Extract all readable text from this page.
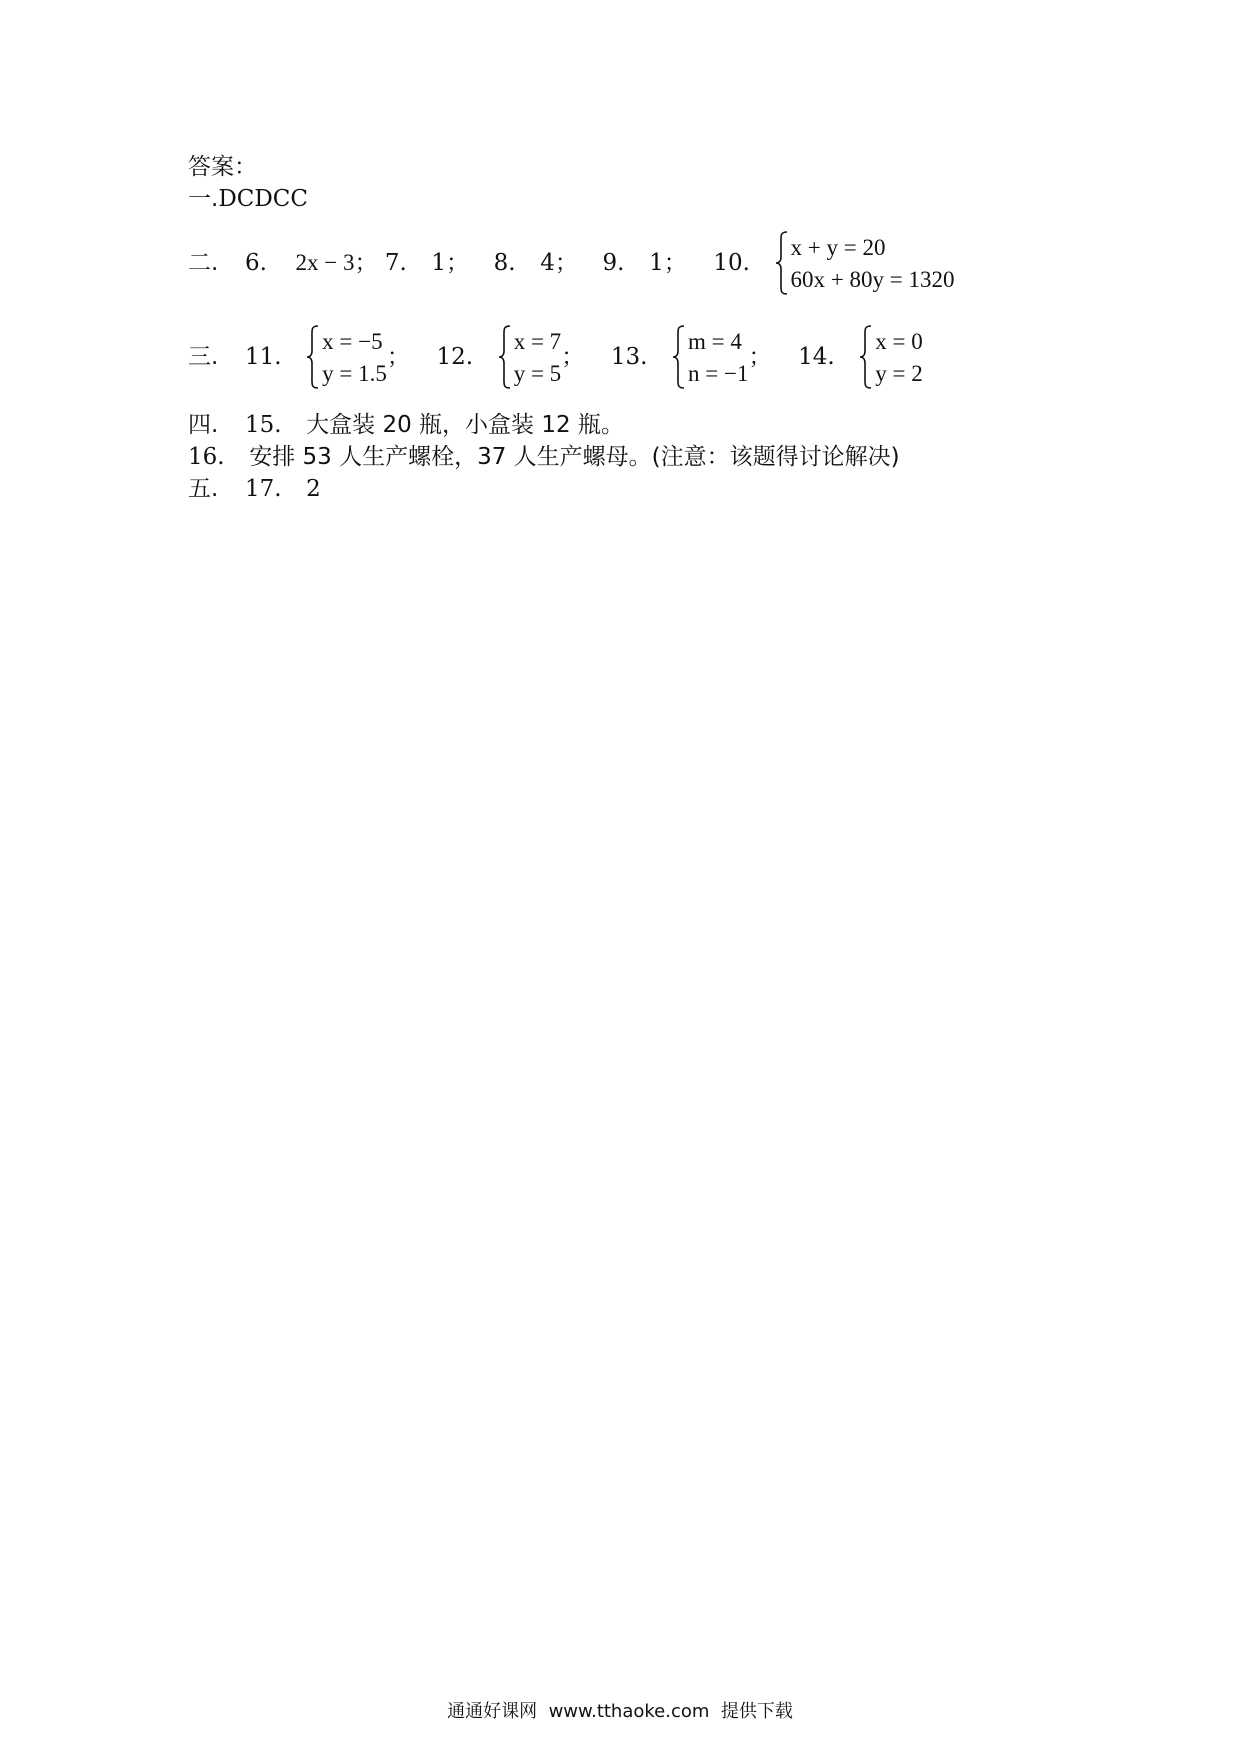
答案：
一.DCDCC
二. 6. 2x − 3； 7. 1； 8. 4； 9. 1； 10.
x + y = 20
60x + 80y = 1320
三. 11.
x = −5
y = 1.5
； 12.
x = 7
y = 5
； 13.
m = 4
n = −1
； 14.
x = 0
y = 2
四. 15. 大盒装 20 瓶，小盒装 12 瓶。
16. 安排 53 人生产螺栓，37 人生产螺母。(注意：该题得讨论解决)
五. 17. 2
通通好课网  www.tthaoke.com  提供下载
